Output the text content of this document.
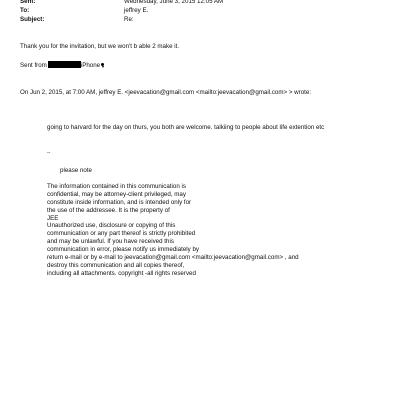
Sent:	Wednesday, June 3, 2015 12:05 AM
To:	jeffrey E.
Subject:	Re:
Thank you for the invitation, but we won't b able 2 make it.
Sent from	iPhone
On Jun 2, 2015, at 7:00 AM, jeffrey E. <jeevacation@gmail.com <mailto:jeevacation@gmail.com> > wrote:
going to harvard for the day on thurs, you both are welcome. talkiing to people about life extention etc
--
please note
The information contained in this communication is
confidential, may be attorney-client privileged, may
constitute inside information, and is intended only for
the use of the addressee. It is the property of
JEE
Unauthorized use, disclosure or copying of this
communication or any part thereof is strictly prohibited
and may be unlawful. If you have received this
communication in error, please notify us immediately by
return e-mail or by e-mail to jeevacation@gmail.com <mailto:jeevacation@gmail.com> , and
destroy this communication and all copies thereof,
including all attachments. copyright -all rights reserved
